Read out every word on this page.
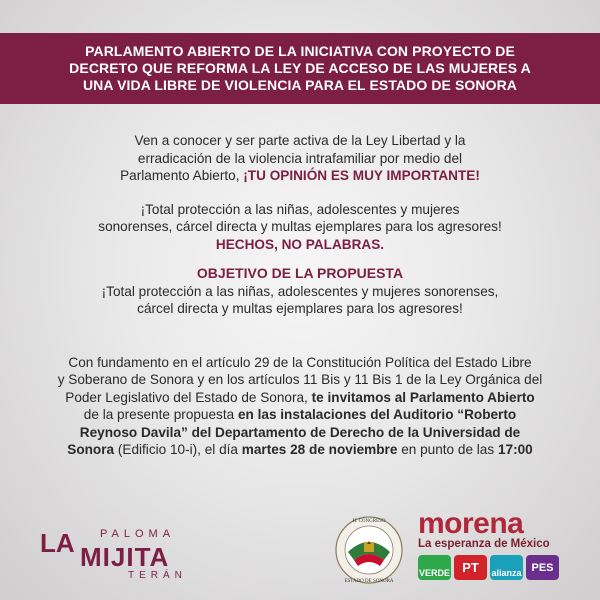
PARLAMENTO ABIERTO DE LA INICIATIVA CON PROYECTO DE
DECRETO QUE REFORMA LA LEY DE ACCESO DE LAS MUJERES A
UNA VIDA LIBRE DE VIOLENCIA PARA EL ESTADO DE SONORA

Ven a conocer y ser parte activa de la Ley Libertad y la
erradicación de la violencia intrafamiliar por medio del
Parlamento Abierto, ¡TU OPINIÓN ES MUY IMPORTANTE!

¡Total protección a las niñas, adolescentes y mujeres
sonorenses, cárcel directa y multas ejemplares para los agresores!
HECHOS, NO PALABRAS.

OBJETIVO DE LA PROPUESTA

¡Total protección a las niñas, adolescentes y mujeres sonorenses,
cárcel directa y multas ejemplares para los agresores!

Con fundamento en el artículo 29 de la Constitución Política del Estado Libre
y Soberano de Sonora y en los artículos 11 Bis y 11 Bis 1 de la Ley Orgánica del
Poder Legislativo del Estado de Sonora, te invitamos al Parlamento Abierto
de la presente propuesta en las instalaciones del Auditorio “Roberto
Reynoso Davila” del Departamento de Derecho de la Universidad de
Sonora (Edificio 10-i), el día martes 28 de noviembre en punto de las 17:00

LA PALOMA
MIJITA
TERÁN
H. CONGRESO
ESTADO DE SONORA
morena
La esperanza de México
VERDE PT	alianza PES
